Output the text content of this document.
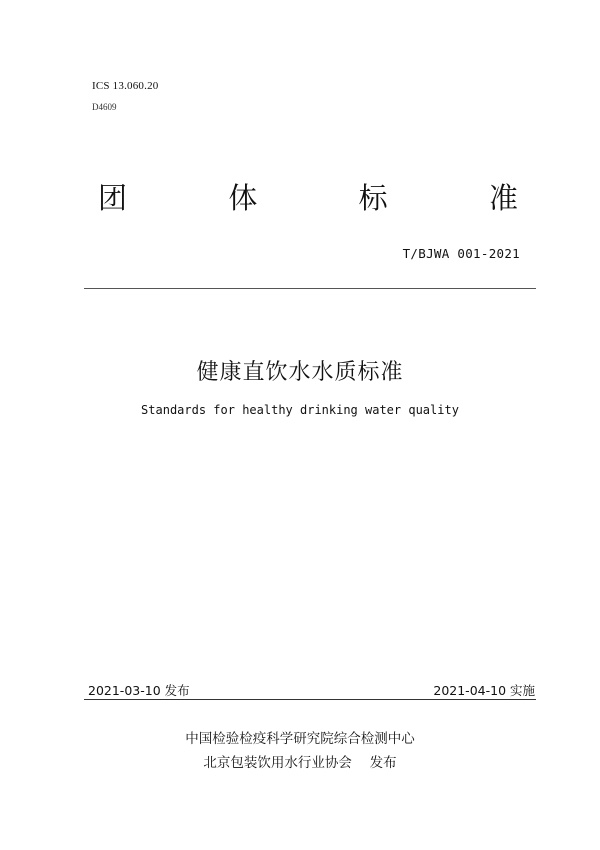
ICS 13.060.20
D4609
团	体	标	准
T/BJWA 001-2021
健康直饮水水质标准
Standards for healthy drinking water quality
2021-03-10 发布	2021-04-10 实施
中国检验检疫科学研究院综合检测中心
北京包装饮用水行业协会　 发布
